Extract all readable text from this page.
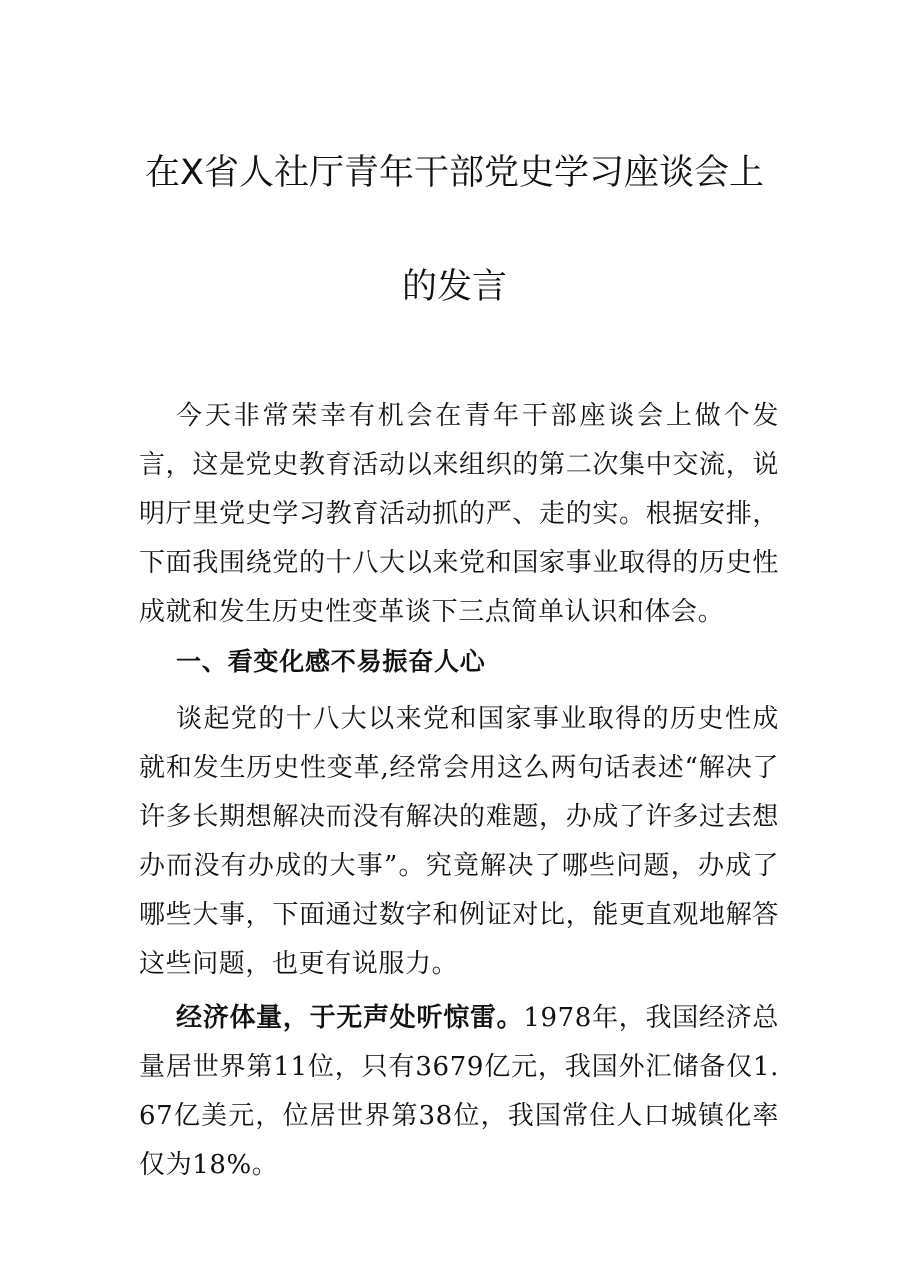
在Ⅹ省人社厅青年干部党史学习座谈会上
的发言

今天非常荣幸有机会在青年干部座谈会上做个发言，这是党史教育活动以来组织的第二次集中交流，说明厅里党史学习教育活动抓的严、走的实。根据安排，下面我围绕党的十八大以来党和国家事业取得的历史性成就和发生历史性变革谈下三点简单认识和体会。

一、看变化感不易振奋人心

谈起党的十八大以来党和国家事业取得的历史性成就和发生历史性变革,经常会用这么两句话表述“解决了许多长期想解决而没有解决的难题，办成了许多过去想办而没有办成的大事”。究竟解决了哪些问题，办成了哪些大事，下面通过数字和例证对比，能更直观地解答这些问题，也更有说服力。

经济体量，于无声处听惊雷。1978年，我国经济总量居世界第11位，只有3679亿元，我国外汇储备仅1.67亿美元，位居世界第38位，我国常住人口城镇化率仅为18%。
